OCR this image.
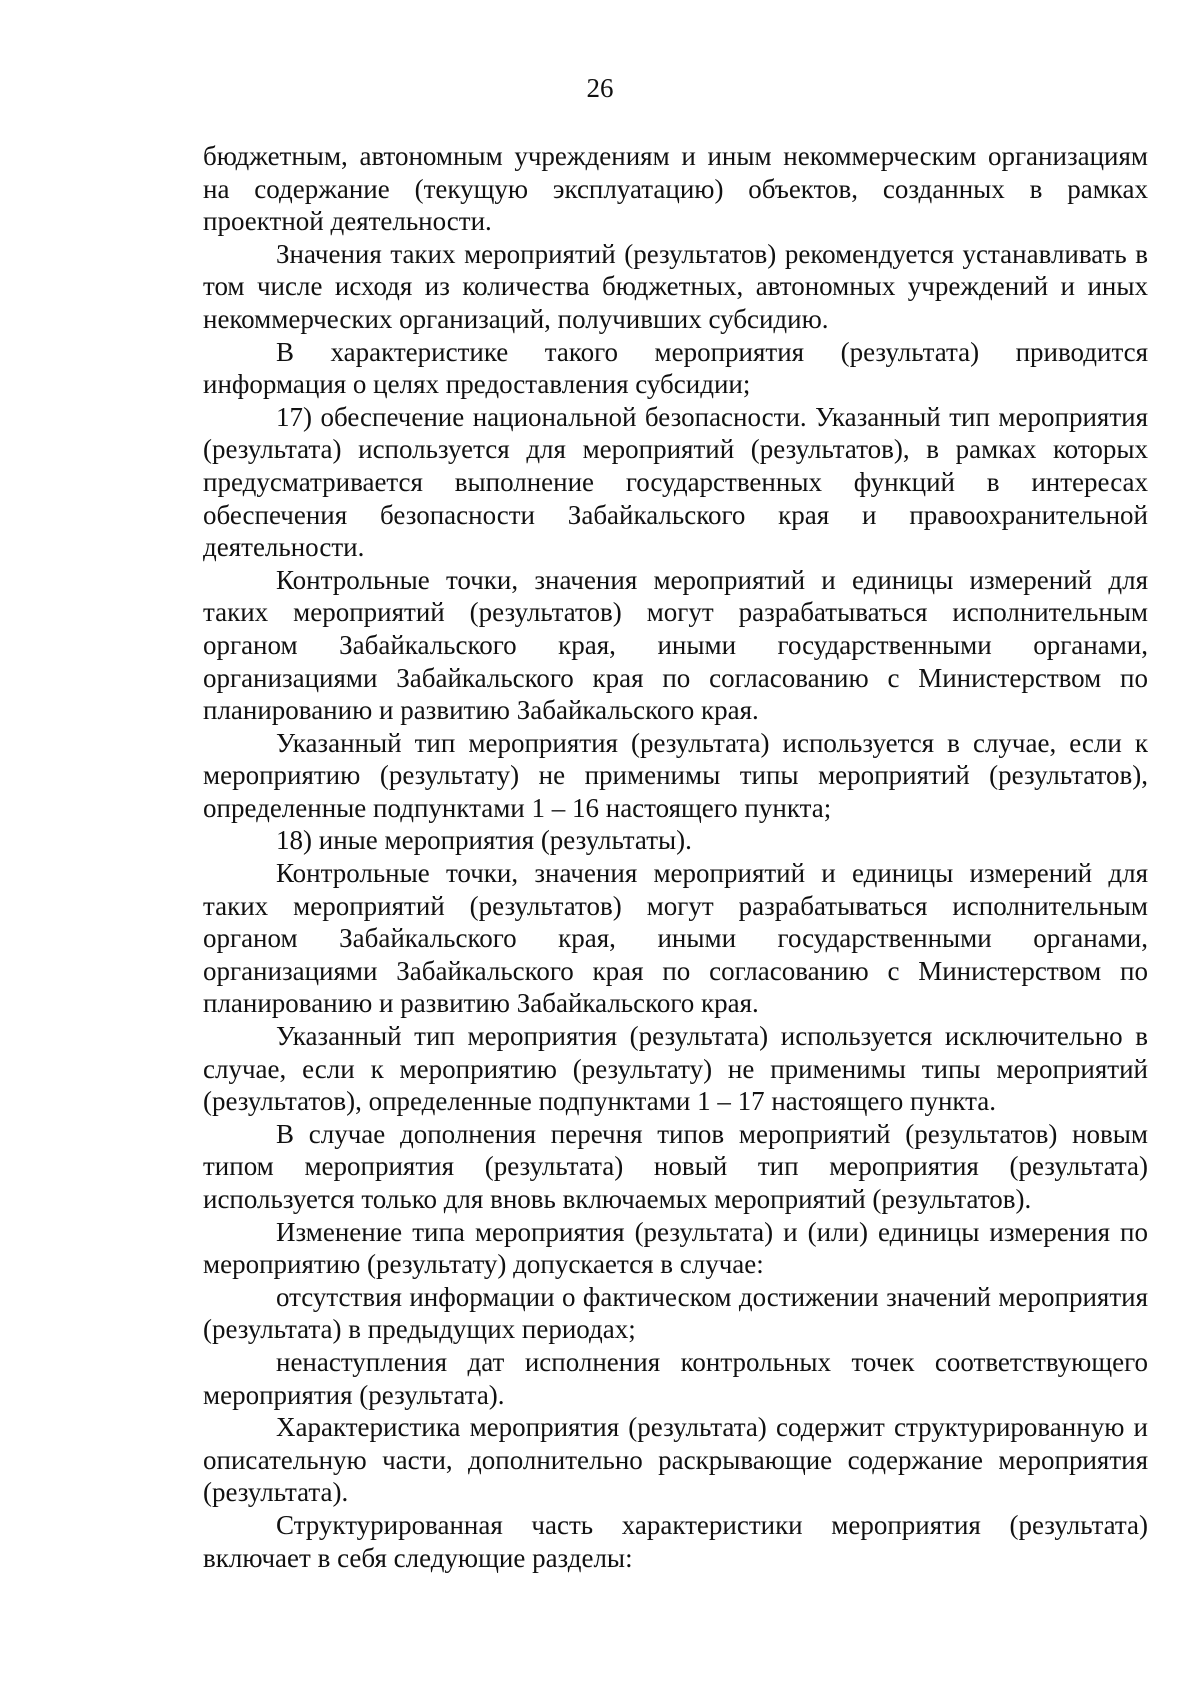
26

бюджетным, автономным учреждениям и иным некоммерческим организациям на содержание (текущую эксплуатацию) объектов, созданных в рамках проектной деятельности.

Значения таких мероприятий (результатов) рекомендуется устанавливать в том числе исходя из количества бюджетных, автономных учреждений и иных некоммерческих организаций, получивших субсидию.

В характеристике такого мероприятия (результата) приводится информация о целях предоставления субсидии;

17) обеспечение национальной безопасности. Указанный тип мероприятия (результата) используется для мероприятий (результатов), в рамках которых предусматривается выполнение государственных функций в интересах обеспечения безопасности Забайкальского края и правоохранительной деятельности.

Контрольные точки, значения мероприятий и единицы измерений для таких мероприятий (результатов) могут разрабатываться исполнительным органом Забайкальского края, иными государственными органами, организациями Забайкальского края по согласованию с Министерством по планированию и развитию Забайкальского края.

Указанный тип мероприятия (результата) используется в случае, если к мероприятию (результату) не применимы типы мероприятий (результатов), определенные подпунктами 1 – 16 настоящего пункта;

18) иные мероприятия (результаты).

Контрольные точки, значения мероприятий и единицы измерений для таких мероприятий (результатов) могут разрабатываться исполнительным органом Забайкальского края, иными государственными органами, организациями Забайкальского края по согласованию с Министерством по планированию и развитию Забайкальского края.

Указанный тип мероприятия (результата) используется исключительно в случае, если к мероприятию (результату) не применимы типы мероприятий (результатов), определенные подпунктами 1 – 17 настоящего пункта.

В случае дополнения перечня типов мероприятий (результатов) новым типом мероприятия (результата) новый тип мероприятия (результата) используется только для вновь включаемых мероприятий (результатов).

Изменение типа мероприятия (результата) и (или) единицы измерения по мероприятию (результату) допускается в случае:

отсутствия информации о фактическом достижении значений мероприятия (результата) в предыдущих периодах;

ненаступления дат исполнения контрольных точек соответствующего мероприятия (результата).

Характеристика мероприятия (результата) содержит структурированную и описательную части, дополнительно раскрывающие содержание мероприятия (результата).

Структурированная часть характеристики мероприятия (результата) включает в себя следующие разделы:
